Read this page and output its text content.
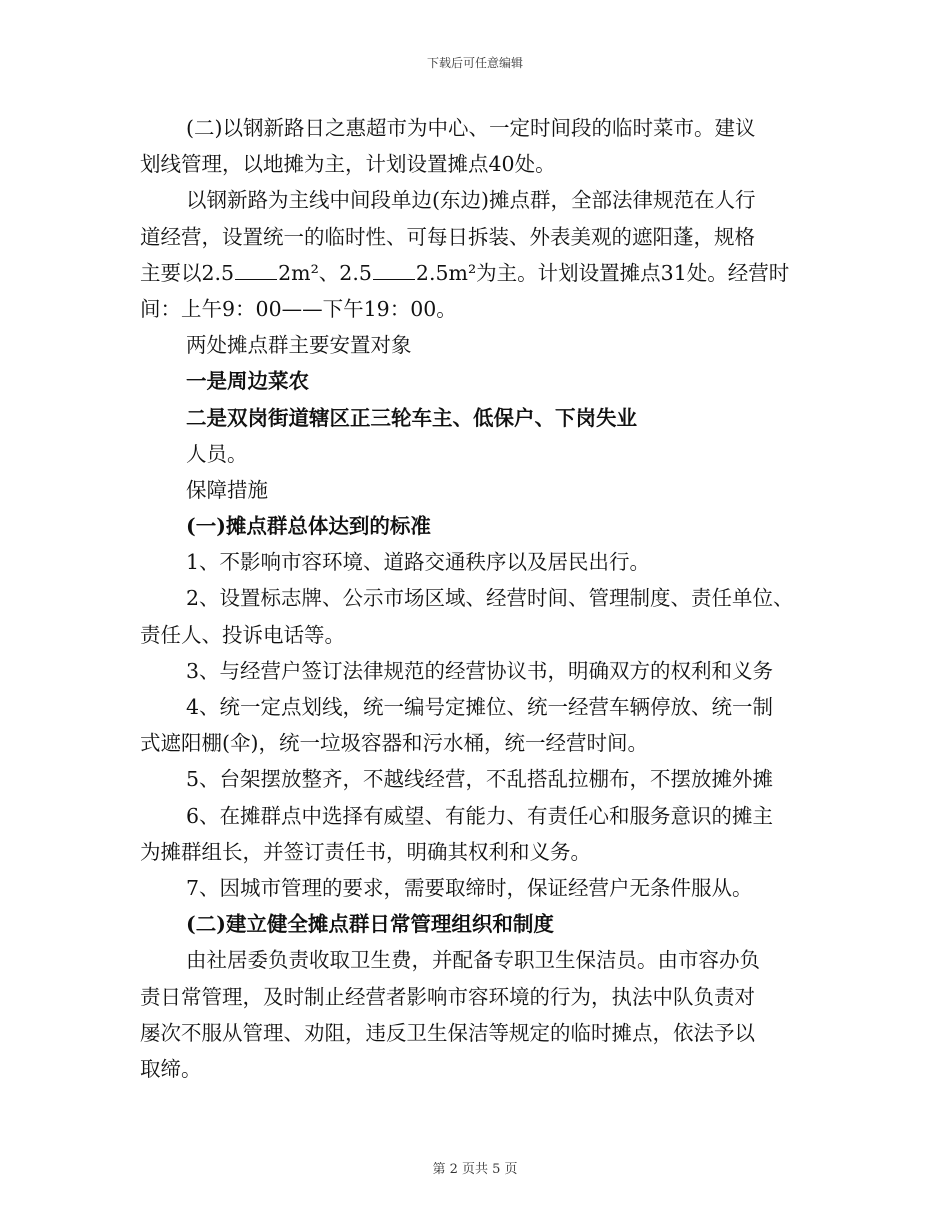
下载后可任意编辑
(二)以钢新路日之惠超市为中心、一定时间段的临时菜市。建议
划线管理，以地摊为主，计划设置摊点40处。
以钢新路为主线中间段单边(东边)摊点群，全部法律规范在人行
道经营，设置统一的临时性、可每日拆装、外表美观的遮阳蓬，规格
主要以2.5 2m²、2.5 2.5m²为主。计划设置摊点31处。经营时
间：上午9：00——下午19：00。
两处摊点群主要安置对象
一是周边菜农
二是双岗街道辖区正三轮车主、低保户、下岗失业
人员。
保障措施
(一)摊点群总体达到的标准
1、不影响市容环境、道路交通秩序以及居民出行。
2、设置标志牌、公示市场区域、经营时间、管理制度、责任单位、
责任人、投诉电话等。
3、与经营户签订法律规范的经营协议书，明确双方的权利和义务
4、统一定点划线，统一编号定摊位、统一经营车辆停放、统一制
式遮阳棚(伞)，统一垃圾容器和污水桶，统一经营时间。
5、台架摆放整齐，不越线经营，不乱搭乱拉棚布，不摆放摊外摊
6、在摊群点中选择有威望、有能力、有责任心和服务意识的摊主
为摊群组长，并签订责任书，明确其权利和义务。
7、因城市管理的要求，需要取缔时，保证经营户无条件服从。
(二)建立健全摊点群日常管理组织和制度
由社居委负责收取卫生费，并配备专职卫生保洁员。由市容办负
责日常管理，及时制止经营者影响市容环境的行为，执法中队负责对
屡次不服从管理、劝阻，违反卫生保洁等规定的临时摊点，依法予以
取缔。
第 2 页共 5 页
